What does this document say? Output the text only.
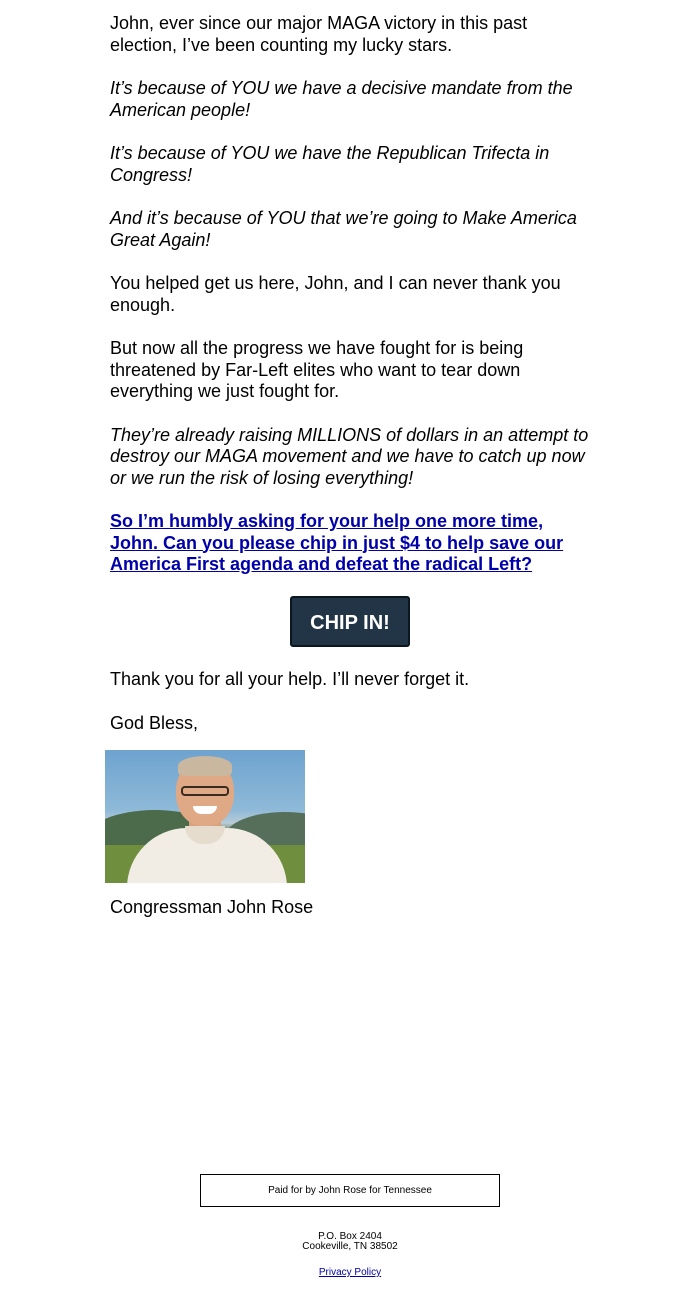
John, ever since our major MAGA victory in this past election, I’ve been counting my lucky stars.

It’s because of YOU we have a decisive mandate from the American people!

It’s because of YOU we have the Republican Trifecta in Congress!

And it’s because of YOU that we’re going to Make America Great Again!

You helped get us here, John, and I can never thank you enough.

But now all the progress we have fought for is being threatened by Far-Left elites who want to tear down everything we just fought for.

They’re already raising MILLIONS of dollars in an attempt to destroy our MAGA movement and we have to catch up now or we run the risk of losing everything!

So I’m humbly asking for your help one more time, John. Can you please chip in just $4 to help save our America First agenda and defeat the radical Left?
CHIP IN!

Thank you for all your help. I’ll never forget it.

God Bless,

Congressman John Rose
Paid for by John Rose for Tennessee
P.O. Box 2404
Cookeville, TN 38502
Privacy Policy
